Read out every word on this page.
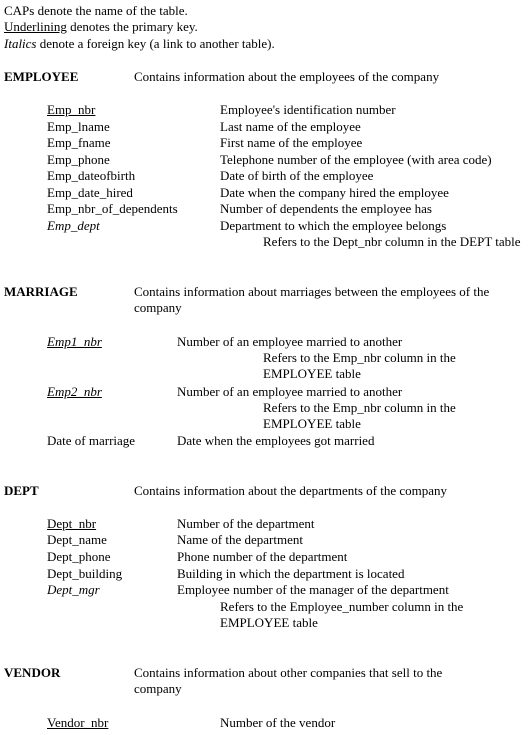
CAPs denote the name of the table.
Underlining denotes the primary key.
Italics denote a foreign key (a link to another table).
EMPLOYEE	Contains information about the employees of the company
Emp_nbr	Employee's identification number
Emp_lname	Last name of the employee
Emp_fname	First name of the employee
Emp_phone	Telephone number of the employee (with area code)
Emp_dateofbirth	Date of birth of the employee
Emp_date_hired	Date when the company hired the employee
Emp_nbr_of_dependents	Number of dependents the employee has
Emp_dept	Department to which the employee belongs
Refers to the Dept_nbr column in the DEPT table
MARRIAGE	Contains information about marriages between the employees of the company
Emp1_nbr	Number of an employee married to another
Refers to the Emp_nbr column in the EMPLOYEE table
Emp2_nbr	Number of an employee married to another
Refers to the Emp_nbr column in the EMPLOYEE table
Date of marriage	Date when the employees got married
DEPT	Contains information about the departments of the company
Dept_nbr	Number of the department
Dept_name	Name of the department
Dept_phone	Phone number of the department
Dept_building	Building in which the department is located
Dept_mgr	Employee number of the manager of the department
Refers to the Employee_number column in the EMPLOYEE table
VENDOR	Contains information about other companies that sell to the company
Vendor_nbr	Number of the vendor
